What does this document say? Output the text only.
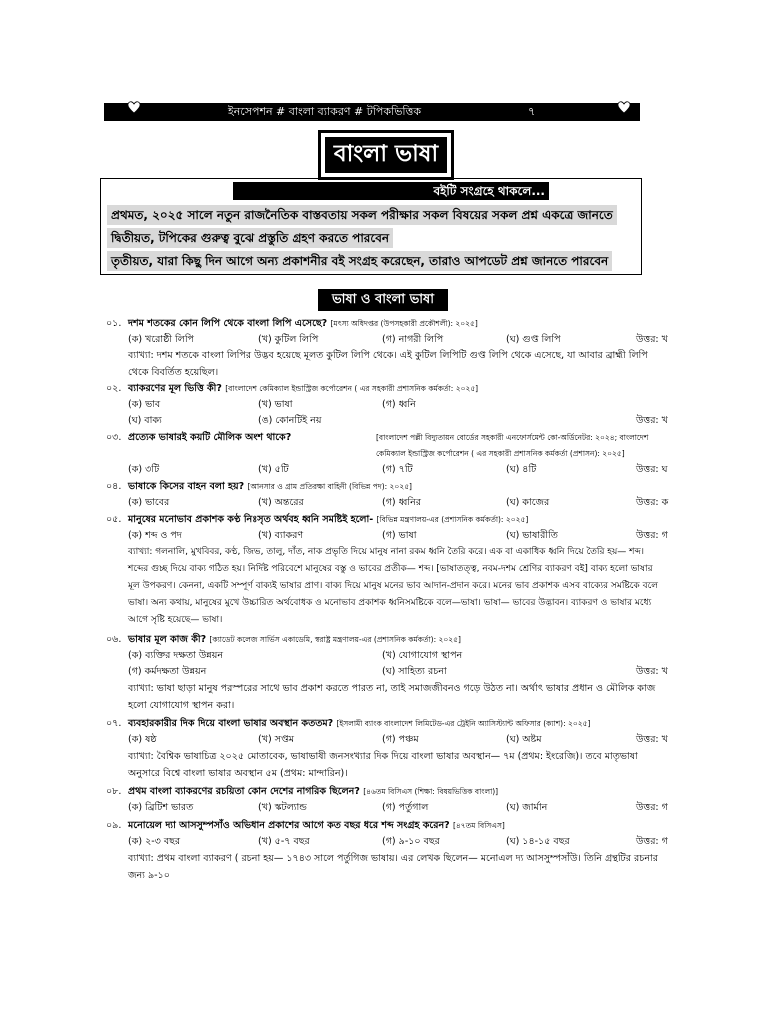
ইনসেপশন # বাংলা ব্যাকরণ # টপিকভিত্তিক	৭
বাংলা ভাষা
বইটি সংগ্রহে থাকলে...
প্রথমত, ২০২৫ সালে নতুন রাজনৈতিক বাস্তবতায় সকল পরীক্ষার সকল বিষয়ের সকল প্রশ্ন একত্রে জানতে
দ্বিতীয়ত, টপিকের গুরুত্ব বুঝে প্রস্তুতি গ্রহণ করতে পারবেন
তৃতীয়ত, যারা কিছু দিন আগে অন্য প্রকাশনীর বই সংগ্রহ করেছেন, তারাও আপডেট প্রশ্ন জানতে পারবেন
ভাষা ও বাংলা ভাষা
০১. দশম শতকের কোন লিপি থেকে বাংলা লিপি এসেছে? [মৎস্য অধিদপ্তর (উপসহকারী প্রকৌশলী): ২০২৫]
(ক) খরোষ্ঠী লিপি	(খ) কুটিল লিপি	(গ) নাগরী লিপি	(ঘ) গুপ্ত লিপি	উত্তর: খ
ব্যাখ্যা: দশম শতকে বাংলা লিপির উদ্ভব হয়েছে মূলত কুটিল লিপি থেকে। এই কুটিল লিপিটি গুপ্ত লিপি থেকে এসেছে, যা আবার ব্রাহ্মী লিপি থেকে বিবর্তিত হয়েছিল।
০২. ব্যাকরণের মূল ভিত্তি কী? [বাংলাদেশ কেমিক্যাল ইন্ডাস্ট্রিজ কর্পোরেশন ( এর সহকারী প্রশাসনিক কর্মকর্তা: ২০২৫]
(ক) ভাব	(খ) ভাষা	(গ) ধ্বনি
(ঘ) বাক্য	(ঙ) কোনটিই নয়	উত্তর: খ
০৩. প্রত্যেক ভাষারই কয়টি মৌলিক অংশ থাকে?	[বাংলাদেশ পল্লী বিদ্যুতায়ন বোর্ডের সহকারী এনফোর্সমেন্ট কো-অর্ডিনেটর: ২০২৪; বাংলাদেশ কেমিক্যাল ইন্ডাস্ট্রিজ কর্পোরেশন ( এর সহকারী প্রশাসনিক কর্মকর্তা (প্রশাসন): ২০২৫]
(ক) ৩টি	(খ) ৫টি	(গ) ৭টি	(ঘ) ৪টি	উত্তর: ঘ
০৪. ভাষাকে কিসের বাহন বলা হয়? [আনসার ও গ্রাম প্রতিরক্ষা বাহিনী (বিভিন্ন পদ): ২০২৫]
(ক) ভাবের	(খ) অন্তরের	(গ) ধ্বনির	(ঘ) কাজের	উত্তর: ক
০৫. মানুষের মনোভাব প্রকাশক কণ্ঠ নিঃসৃত অর্থবহ ধ্বনি সমষ্টিই হলো- [বিভিন্ন মন্ত্রণালয়-এর (প্রশাসনিক কর্মকর্তা): ২০২৫]
(ক) শব্দ ও পদ	(খ) ব্যাকরণ	(গ) ভাষা	(ঘ) ভাষারীতি	উত্তর: গ
ব্যাখ্যা: গলনালি, মুখবিবর, কণ্ঠ, জিভ, তালু, দাঁত, নাক প্রভৃতি দিয়ে মানুষ নানা রকম ধ্বনি তৈরি করে। এক বা একাধিক ধ্বনি দিয়ে তৈরি হয়— শব্দ। শব্দের গুচ্ছ দিয়ে বাক্য গঠিত হয়। নির্দিষ্ট পরিবেশে মানুষের বস্তু ও ভাবের প্রতীক— শব্দ। [ভাষাতত্ত্ব, নবম-দশম শ্রেণির ব্যাকরণ বই] বাক্য হলো ভাষার মূল উপকরণ। কেননা, একটি সম্পূর্ণ বাক্যই ভাষার প্রাণ। বাক্য দিয়ে মানুষ মনের ভাব আদান-প্রদান করে। মনের ভাব প্রকাশক এসব বাক্যের সমষ্টিকে বলে ভাষা। অন্য কথায়, মানুষের মুখে উচ্চারিত অর্থবোধক ও মনোভাব প্রকাশক ধ্বনিসমষ্টিকে বলে—ভাষা। ভাষা— ভাবের উদ্ভাবন। ব্যাকরণ ও ভাষার মধ্যে আগে সৃষ্টি হয়েছে— ভাষা।
০৬. ভাষার মূল কাজ কী? [ক্যাডেট কলেজ সার্ভিস একাডেমি, স্বরাষ্ট্র মন্ত্রণালয়-এর (প্রশাসনিক কর্মকর্তা): ২০২৫]
(ক) ব্যক্তির দক্ষতা উন্নয়ন	(খ) যোগাযোগ স্থাপন
(গ) কর্মদক্ষতা উন্নয়ন	(ঘ) সাহিত্য রচনা	উত্তর: খ
ব্যাখ্যা: ভাষা ছাড়া মানুষ পরস্পরের সাথে ভাব প্রকাশ করতে পারত না, তাই সমাজজীবনও গড়ে উঠত না। অর্থাৎ ভাষার প্রধান ও মৌলিক কাজ হলো যোগাযোগ স্থাপন করা।
০৭. ব্যবহারকারীর দিক দিয়ে বাংলা ভাষার অবস্থান কততম? [ইসলামী ব্যাংক বাংলাদেশ লিমিটেড-এর ট্রেইনি অ্যাসিস্ট্যান্ট অফিসার (ক্যাশ): ২০২৫]
(ক) ষষ্ঠ	(খ) সপ্তম	(গ) পঞ্চম	(ঘ) অষ্টম	উত্তর: খ
ব্যাখ্যা: বৈশ্বিক ভাষাচিত্র ২০২৫ মোতাবেক, ভাষাভাষী জনসংখ্যার দিক দিয়ে বাংলা ভাষার অবস্থান— ৭ম (প্রথম: ইংরেজি)। তবে মাতৃভাষা অনুসারে বিশ্বে বাংলা ভাষার অবস্থান ৫ম (প্রথম: মান্দারিন)।
০৮. প্রথম বাংলা ব্যাকরণের রচয়িতা কোন দেশের নাগরিক ছিলেন? [৪৬তম বিসিএস (শিক্ষা: বিষয়ভিত্তিক বাংলা)]
(ক) ব্রিটিশ ভারত	(খ) স্কটল্যান্ড	(গ) পর্তুগাল	(ঘ) জার্মান	উত্তর: গ
০৯. মনোয়েল দ্যা আসসুম্পসাঁও অভিধান প্রকাশের আগে কত বছর ধরে শব্দ সংগ্রহ করেন? [৪৭তম বিসিএস]
(ক) ২-৩ বছর	(খ) ৫-৭ বছর	(গ) ৯-১০ বছর	(ঘ) ১৪-১৫ বছর	উত্তর: গ
ব্যাখ্যা: প্রথম বাংলা ব্যাকরণ ( রচনা হয়— ১৭৪৩ সালে পর্তুগিজ ভাষায়। এর লেখক ছিলেন— মনোএল দ্য আসসুম্পসাঁউ। তিনি গ্রন্থটির রচনার জন্য ৯-১০
